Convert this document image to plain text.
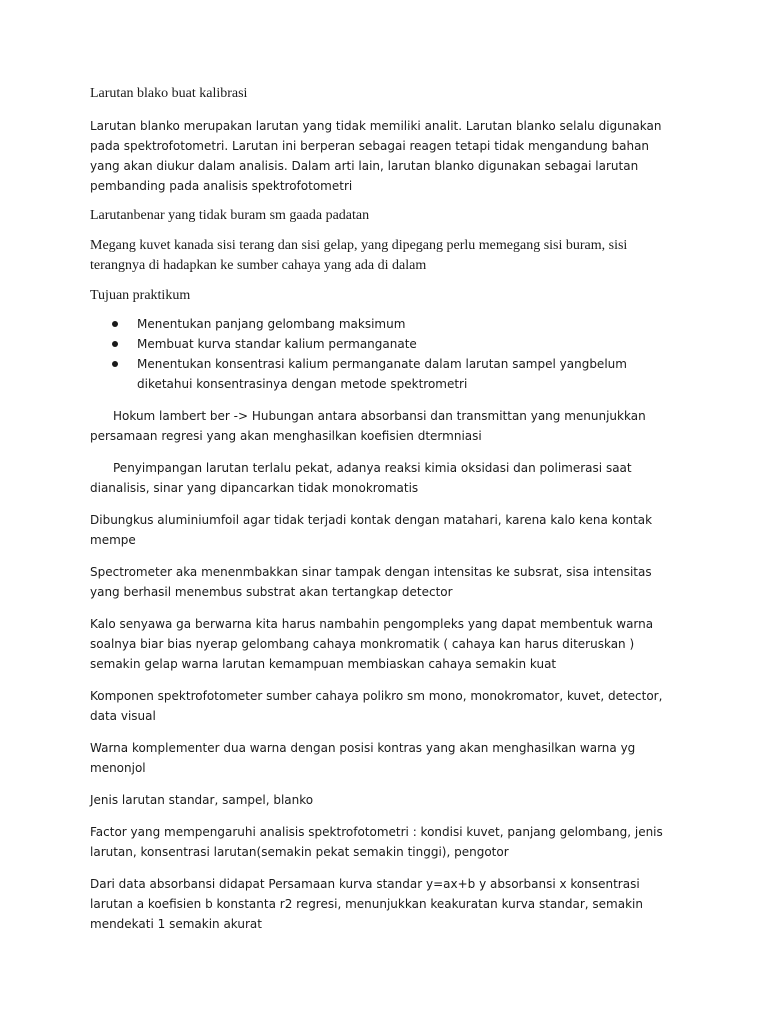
Larutan blako buat kalibrasi

Larutan blanko merupakan larutan yang tidak memiliki analit. Larutan blanko selalu digunakan pada spektrofotometri. Larutan ini berperan sebagai reagen tetapi tidak mengandung bahan yang akan diukur dalam analisis. Dalam arti lain, larutan blanko digunakan sebagai larutan pembanding pada analisis spektrofotometri

Larutanbenar yang tidak buram sm gaada padatan

Megang kuvet kanada sisi terang dan sisi gelap, yang dipegang perlu memegang sisi buram, sisi terangnya di hadapkan ke sumber cahaya yang ada di dalam

Tujuan praktikum

Menentukan panjang gelombang maksimum
Membuat kurva standar kalium permanganate
Menentukan konsentrasi kalium permanganate dalam larutan sampel yangbelum diketahui konsentrasinya dengan metode spektrometri

Hokum lambert ber -> Hubungan antara absorbansi dan transmittan yang menunjukkan persamaan regresi yang akan menghasilkan koefisien dtermniasi

Penyimpangan larutan terlalu pekat, adanya reaksi kimia oksidasi dan polimerasi saat dianalisis, sinar yang dipancarkan tidak monokromatis

Dibungkus aluminiumfoil agar tidak terjadi kontak dengan matahari, karena kalo kena kontak mempe

Spectrometer aka menenmbakkan sinar tampak dengan intensitas ke subsrat, sisa intensitas yang berhasil menembus substrat akan tertangkap detector

Kalo senyawa ga berwarna kita harus nambahin pengompleks yang dapat membentuk warna soalnya biar bias nyerap gelombang cahaya monkromatik ( cahaya kan harus diteruskan ) semakin gelap warna larutan kemampuan membiaskan cahaya semakin kuat

Komponen spektrofotometer sumber cahaya polikro sm mono, monokromator, kuvet, detector, data visual

Warna komplementer dua warna dengan posisi kontras yang akan menghasilkan warna yg menonjol

Jenis larutan standar, sampel, blanko

Factor yang mempengaruhi analisis spektrofotometri : kondisi kuvet, panjang gelombang, jenis larutan, konsentrasi larutan(semakin pekat semakin tinggi), pengotor

Dari data absorbansi didapat Persamaan kurva standar y=ax+b y absorbansi x konsentrasi larutan a koefisien b konstanta r2 regresi, menunjukkan keakuratan kurva standar, semakin mendekati 1 semakin akurat
